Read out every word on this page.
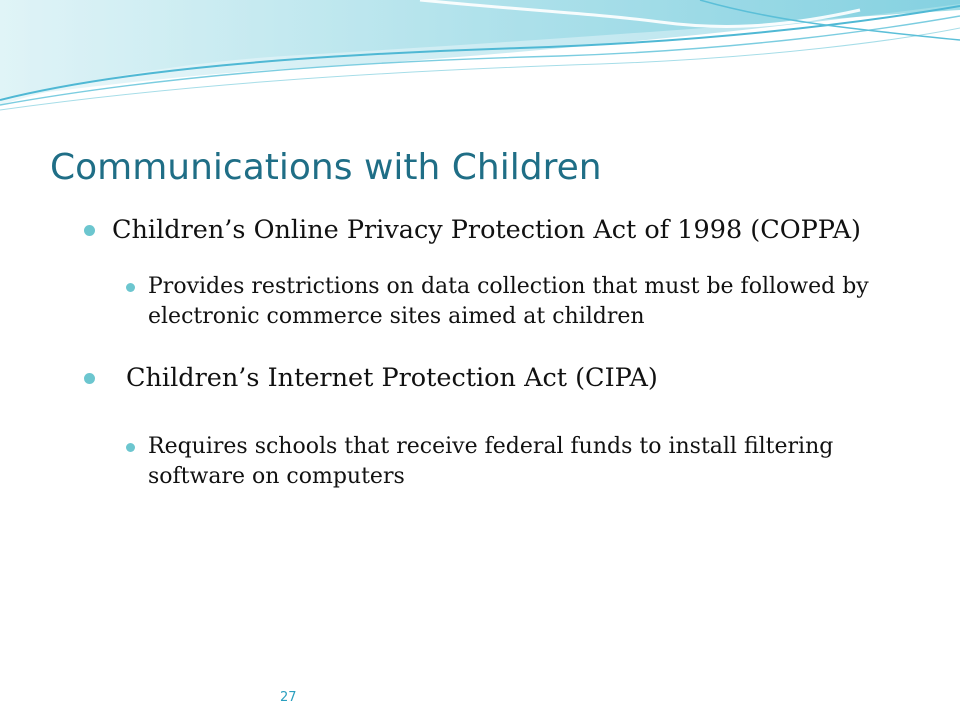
Communications with Children
Children’s Online Privacy Protection Act of 1998 (COPPA)
Provides restrictions on data collection that must be followed by electronic commerce sites aimed at children
Children’s Internet Protection Act (CIPA)
Requires schools that receive federal funds to install filtering software on computers
27
